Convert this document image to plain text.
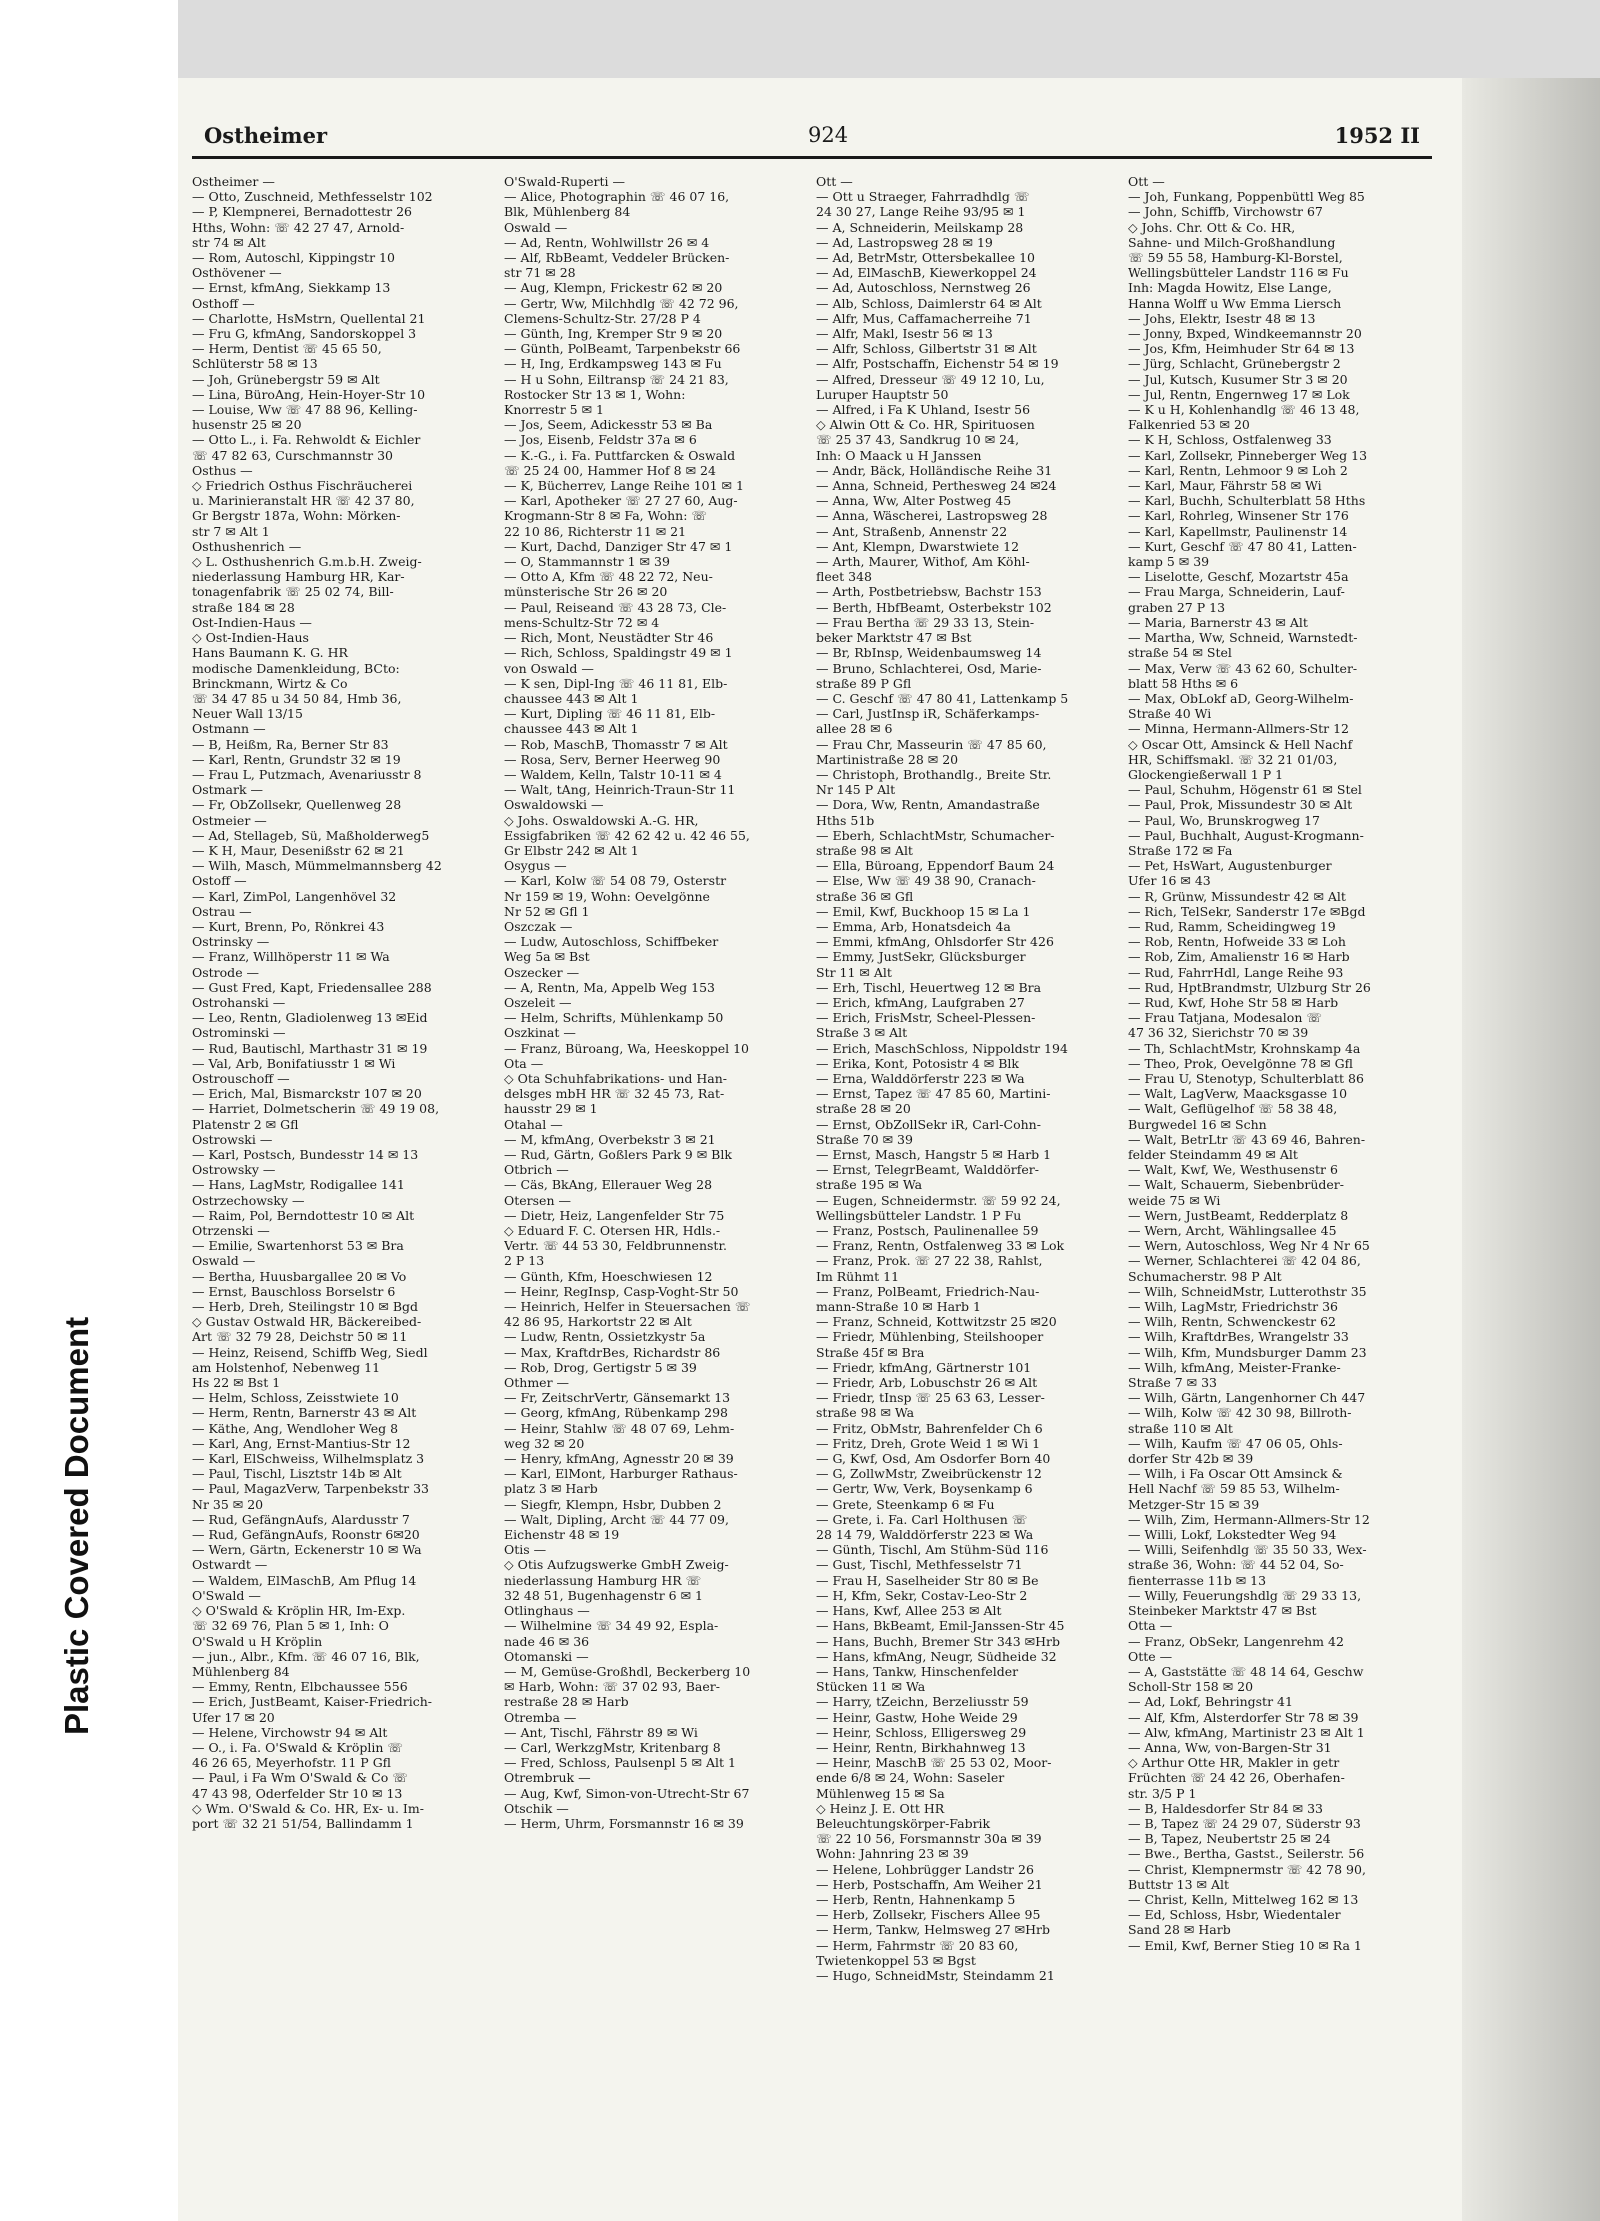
Plastic Covered Document
Ostheimer	924	1952 II
Ostheimer —
— Otto, Zuschneid, Methfesselstr 102
— P, Klempnerei, Bernadottestr 26
Hths, Wohn: ☏ 42 27 47, Arnold-
str 74 ✉ Alt
— Rom, Autoschl, Kippingstr 10
Osthövener —
— Ernst, kfmAng, Siekkamp 13
Osthoff —
— Charlotte, HsMstrn, Quellental 21
— Fru G, kfmAng, Sandorskoppel 3
— Herm, Dentist ☏ 45 65 50,
Schlüterstr 58 ✉ 13
— Joh, Grünebergstr 59 ✉ Alt
— Lina, BüroAng, Hein-Hoyer-Str 10
— Louise, Ww ☏ 47 88 96, Kelling-
husenstr 25 ✉ 20
— Otto L., i. Fa. Rehwoldt & Eichler
☏ 47 82 63, Curschmannstr 30
Osthus —
◇ Friedrich Osthus Fischräucherei
u. Marinieranstalt HR ☏ 42 37 80,
Gr Bergstr 187a, Wohn: Mörken-
str 7 ✉ Alt 1
Osthushenrich —
◇ L. Osthushenrich G.m.b.H. Zweig-
niederlassung Hamburg HR, Kar-
tonagenfabrik ☏ 25 02 74, Bill-
straße 184 ✉ 28
Ost-Indien-Haus —
◇ Ost-Indien-Haus
Hans Baumann K. G. HR
modische Damenkleidung, BCto:
Brinckmann, Wirtz & Co
☏ 34 47 85 u 34 50 84, Hmb 36,
Neuer Wall 13/15
Ostmann —
— B, Heißm, Ra, Berner Str 83
— Karl, Rentn, Grundstr 32 ✉ 19
— Frau L, Putzmach, Avenariusstr 8
Ostmark —
— Fr, ObZollsekr, Quellenweg 28
Ostmeier —
— Ad, Stellageb, Sü, Maßholderweg5
— K H, Maur, Desenißstr 62 ✉ 21
— Wilh, Masch, Mümmelmannsberg 42
Ostoff —
— Karl, ZimPol, Langenhövel 32
Ostrau —
— Kurt, Brenn, Po, Rönkrei 43
Ostrinsky —
— Franz, Willhöperstr 11 ✉ Wa
Ostrode —
— Gust Fred, Kapt, Friedensallee 288
Ostrohanski —
— Leo, Rentn, Gladiolenweg 13 ✉Eid
Ostrominski —
— Rud, Bautischl, Marthastr 31 ✉ 19
— Val, Arb, Bonifatiusstr 1 ✉ Wi
Ostrouschoff —
— Erich, Mal, Bismarckstr 107 ✉ 20
— Harriet, Dolmetscherin ☏ 49 19 08,
Platenstr 2 ✉ Gfl
Ostrowski —
— Karl, Postsch, Bundesstr 14 ✉ 13
Ostrowsky —
— Hans, LagMstr, Rodigallee 141
Ostrzechowsky —
— Raim, Pol, Berndottestr 10 ✉ Alt
Otrzenski —
— Emilie, Swartenhorst 53 ✉ Bra
Oswald —
— Bertha, Huusbargallee 20 ✉ Vo
— Ernst, Bauschloss Borselstr 6
— Herb, Dreh, Steilingstr 10 ✉ Bgd
◇ Gustav Ostwald HR, Bäckereibed-
Art ☏ 32 79 28, Deichstr 50 ✉ 11
— Heinz, Reisend, Schiffb Weg, Siedl
am Holstenhof, Nebenweg 11
Hs 22 ✉ Bst 1
— Helm, Schloss, Zeisstwiete 10
— Herm, Rentn, Barnerstr 43 ✉ Alt
— Käthe, Ang, Wendloher Weg 8
— Karl, Ang, Ernst-Mantius-Str 12
— Karl, ElSchweiss, Wilhelmsplatz 3
— Paul, Tischl, Lisztstr 14b ✉ Alt
— Paul, MagazVerw, Tarpenbekstr 33
Nr 35 ✉ 20
— Rud, GefängnAufs, Alardusstr 7
— Rud, GefängnAufs, Roonstr 6✉20
— Wern, Gärtn, Eckenerstr 10 ✉ Wa
Ostwardt —
— Waldem, ElMaschB, Am Pflug 14
O'Swald —
◇ O'Swald & Kröplin HR, Im-Exp.
☏ 32 69 76, Plan 5 ✉ 1, Inh: O
O'Swald u H Kröplin
— jun., Albr., Kfm. ☏ 46 07 16, Blk,
Mühlenberg 84
— Emmy, Rentn, Elbchaussee 556
— Erich, JustBeamt, Kaiser-Friedrich-
Ufer 17 ✉ 20
— Helene, Virchowstr 94 ✉ Alt
— O., i. Fa. O'Swald & Kröplin ☏
46 26 65, Meyerhofstr. 11 P Gfl
— Paul, i Fa Wm O'Swald & Co ☏
47 43 98, Oderfelder Str 10 ✉ 13
◇ Wm. O'Swald & Co. HR, Ex- u. Im-
port ☏ 32 21 51/54, Ballindamm 1
O'Swald-Ruperti —
— Alice, Photographin ☏ 46 07 16,
Blk, Mühlenberg 84
Oswald —
— Ad, Rentn, Wohlwillstr 26 ✉ 4
— Alf, RbBeamt, Veddeler Brücken-
str 71 ✉ 28
— Aug, Klempn, Frickestr 62 ✉ 20
— Gertr, Ww, Milchhdlg ☏ 42 72 96,
Clemens-Schultz-Str. 27/28 P 4
— Günth, Ing, Kremper Str 9 ✉ 20
— Günth, PolBeamt, Tarpenbekstr 66
— H, Ing, Erdkampsweg 143 ✉ Fu
— H u Sohn, Eiltransp ☏ 24 21 83,
Rostocker Str 13 ✉ 1, Wohn:
Knorrestr 5 ✉ 1
— Jos, Seem, Adickesstr 53 ✉ Ba
— Jos, Eisenb, Feldstr 37a ✉ 6
— K.-G., i. Fa. Puttfarcken & Oswald
☏ 25 24 00, Hammer Hof 8 ✉ 24
— K, Bücherrev, Lange Reihe 101 ✉ 1
— Karl, Apotheker ☏ 27 27 60, Aug-
Krogmann-Str 8 ✉ Fa, Wohn: ☏
22 10 86, Richterstr 11 ✉ 21
— Kurt, Dachd, Danziger Str 47 ✉ 1
— O, Stammannstr 1 ✉ 39
— Otto A, Kfm ☏ 48 22 72, Neu-
münsterische Str 26 ✉ 20
— Paul, Reiseand ☏ 43 28 73, Cle-
mens-Schultz-Str 72 ✉ 4
— Rich, Mont, Neustädter Str 46
— Rich, Schloss, Spaldingstr 49 ✉ 1
von Oswald —
— K sen, Dipl-Ing ☏ 46 11 81, Elb-
chaussee 443 ✉ Alt 1
— Kurt, Dipling ☏ 46 11 81, Elb-
chaussee 443 ✉ Alt 1
— Rob, MaschB, Thomasstr 7 ✉ Alt
— Rosa, Serv, Berner Heerweg 90
— Waldem, Kelln, Talstr 10-11 ✉ 4
— Walt, tAng, Heinrich-Traun-Str 11
Oswaldowski —
◇ Johs. Oswaldowski A.-G. HR,
Essigfabriken ☏ 42 62 42 u. 42 46 55,
Gr Elbstr 242 ✉ Alt 1
Osygus —
— Karl, Kolw ☏ 54 08 79, Osterstr
Nr 159 ✉ 19, Wohn: Oevelgönne
Nr 52 ✉ Gfl 1
Oszczak —
— Ludw, Autoschloss, Schiffbeker
Weg 5a ✉ Bst
Oszecker —
— A, Rentn, Ma, Appelb Weg 153
Oszeleit —
— Helm, Schrifts, Mühlenkamp 50
Oszkinat —
— Franz, Büroang, Wa, Heeskoppel 10
Ota —
◇ Ota Schuhfabrikations- und Han-
delsges mbH HR ☏ 32 45 73, Rat-
hausstr 29 ✉ 1
Otahal —
— M, kfmAng, Overbekstr 3 ✉ 21
— Rud, Gärtn, Goßlers Park 9 ✉ Blk
Otbrich —
— Cäs, BkAng, Ellerauer Weg 28
Otersen —
— Dietr, Heiz, Langenfelder Str 75
◇ Eduard F. C. Otersen HR, Hdls.-
Vertr. ☏ 44 53 30, Feldbrunnenstr.
2 P 13
— Günth, Kfm, Hoeschwiesen 12
— Heinr, RegInsp, Casp-Voght-Str 50
— Heinrich, Helfer in Steuersachen ☏
42 86 95, Harkortstr 22 ✉ Alt
— Ludw, Rentn, Ossietzkystr 5a
— Max, KraftdrBes, Richardstr 86
— Rob, Drog, Gertigstr 5 ✉ 39
Othmer —
— Fr, ZeitschrVertr, Gänsemarkt 13
— Georg, kfmAng, Rübenkamp 298
— Heinr, Stahlw ☏ 48 07 69, Lehm-
weg 32 ✉ 20
— Henry, kfmAng, Agnesstr 20 ✉ 39
— Karl, ElMont, Harburger Rathaus-
platz 3 ✉ Harb
— Siegfr, Klempn, Hsbr, Dubben 2
— Walt, Dipling, Archt ☏ 44 77 09,
Eichenstr 48 ✉ 19
Otis —
◇ Otis Aufzugswerke GmbH Zweig-
niederlassung Hamburg HR ☏
32 48 51, Bugenhagenstr 6 ✉ 1
Otlinghaus —
— Wilhelmine ☏ 34 49 92, Espla-
nade 46 ✉ 36
Otomanski —
— M, Gemüse-Großhdl, Beckerberg 10
✉ Harb, Wohn: ☏ 37 02 93, Baer-
restraße 28 ✉ Harb
Otremba —
— Ant, Tischl, Fährstr 89 ✉ Wi
— Carl, WerkzgMstr, Kritenbarg 8
— Fred, Schloss, Paulsenpl 5 ✉ Alt 1
Otrembruk —
— Aug, Kwf, Simon-von-Utrecht-Str 67
Otschik —
— Herm, Uhrm, Forsmannstr 16 ✉ 39
Ott —
— Ott u Straeger, Fahrradhdlg ☏
24 30 27, Lange Reihe 93/95 ✉ 1
— A, Schneiderin, Meilskamp 28
— Ad, Lastropsweg 28 ✉ 19
— Ad, BetrMstr, Ottersbekallee 10
— Ad, ElMaschB, Kiewerkoppel 24
— Ad, Autoschloss, Nernstweg 26
— Alb, Schloss, Daimlerstr 64 ✉ Alt
— Alfr, Mus, Caffamacherreihe 71
— Alfr, Makl, Isestr 56 ✉ 13
— Alfr, Schloss, Gilbertstr 31 ✉ Alt
— Alfr, Postschaffn, Eichenstr 54 ✉ 19
— Alfred, Dresseur ☏ 49 12 10, Lu,
Luruper Hauptstr 50
— Alfred, i Fa K Uhland, Isestr 56
◇ Alwin Ott & Co. HR, Spirituosen
☏ 25 37 43, Sandkrug 10 ✉ 24,
Inh: O Maack u H Janssen
— Andr, Bäck, Holländische Reihe 31
— Anna, Schneid, Perthesweg 24 ✉24
— Anna, Ww, Alter Postweg 45
— Anna, Wäscherei, Lastropsweg 28
— Ant, Straßenb, Annenstr 22
— Ant, Klempn, Dwarstwiete 12
— Arth, Maurer, Withof, Am Köhl-
fleet 348
— Arth, Postbetriebsw, Bachstr 153
— Berth, HbfBeamt, Osterbekstr 102
— Frau Bertha ☏ 29 33 13, Stein-
beker Marktstr 47 ✉ Bst
— Br, RbInsp, Weidenbaumsweg 14
— Bruno, Schlachterei, Osd, Marie-
straße 89 P Gfl
— C. Geschf ☏ 47 80 41, Lattenkamp 5
— Carl, JustInsp iR, Schäferkamps-
allee 28 ✉ 6
— Frau Chr, Masseurin ☏ 47 85 60,
Martinistraße 28 ✉ 20
— Christoph, Brothandlg., Breite Str.
Nr 145 P Alt
— Dora, Ww, Rentn, Amandastraße
Hths 51b
— Eberh, SchlachtMstr, Schumacher-
straße 98 ✉ Alt
— Ella, Büroang, Eppendorf Baum 24
— Else, Ww ☏ 49 38 90, Cranach-
straße 36 ✉ Gfl
— Emil, Kwf, Buckhoop 15 ✉ La 1
— Emma, Arb, Honatsdeich 4a
— Emmi, kfmAng, Ohlsdorfer Str 426
— Emmy, JustSekr, Glücksburger
Str 11 ✉ Alt
— Erh, Tischl, Heuertweg 12 ✉ Bra
— Erich, kfmAng, Laufgraben 27
— Erich, FrisMstr, Scheel-Plessen-
Straße 3 ✉ Alt
— Erich, MaschSchloss, Nippoldstr 194
— Erika, Kont, Potosistr 4 ✉ Blk
— Erna, Walddörferstr 223 ✉ Wa
— Ernst, Tapez ☏ 47 85 60, Martini-
straße 28 ✉ 20
— Ernst, ObZollSekr iR, Carl-Cohn-
Straße 70 ✉ 39
— Ernst, Masch, Hangstr 5 ✉ Harb 1
— Ernst, TelegrBeamt, Walddörfer-
straße 195 ✉ Wa
— Eugen, Schneidermstr. ☏ 59 92 24,
Wellingsbütteler Landstr. 1 P Fu
— Franz, Postsch, Paulinenallee 59
— Franz, Rentn, Ostfalenweg 33 ✉ Lok
— Franz, Prok. ☏ 27 22 38, Rahlst,
Im Rühmt 11
— Franz, PolBeamt, Friedrich-Nau-
mann-Straße 10 ✉ Harb 1
— Franz, Schneid, Kottwitzstr 25 ✉20
— Friedr, Mühlenbing, Steilshooper
Straße 45f ✉ Bra
— Friedr, kfmAng, Gärtnerstr 101
— Friedr, Arb, Lobuschstr 26 ✉ Alt
— Friedr, tInsp ☏ 25 63 63, Lesser-
straße 98 ✉ Wa
— Fritz, ObMstr, Bahrenfelder Ch 6
— Fritz, Dreh, Grote Weid 1 ✉ Wi 1
— G, Kwf, Osd, Am Osdorfer Born 40
— G, ZollwMstr, Zweibrückenstr 12
— Gertr, Ww, Verk, Boysenkamp 6
— Grete, Steenkamp 6 ✉ Fu
— Grete, i. Fa. Carl Holthusen ☏
28 14 79, Walddörferstr 223 ✉ Wa
— Günth, Tischl, Am Stühm-Süd 116
— Gust, Tischl, Methfesselstr 71
— Frau H, Saselheider Str 80 ✉ Be
— H, Kfm, Sekr, Costav-Leo-Str 2
— Hans, Kwf, Allee 253 ✉ Alt
— Hans, BkBeamt, Emil-Janssen-Str 45
— Hans, Buchh, Bremer Str 343 ✉Hrb
— Hans, kfmAng, Neugr, Südheide 32
— Hans, Tankw, Hinschenfelder
Stücken 11 ✉ Wa
— Harry, tZeichn, Berzeliusstr 59
— Heinr, Gastw, Hohe Weide 29
— Heinr, Schloss, Elligersweg 29
— Heinr, Rentn, Birkhahnweg 13
— Heinr, MaschB ☏ 25 53 02, Moor-
ende 6/8 ✉ 24, Wohn: Saseler
Mühlenweg 15 ✉ Sa
◇ Heinz J. E. Ott HR
Beleuchtungskörper-Fabrik
☏ 22 10 56, Forsmannstr 30a ✉ 39
Wohn: Jahnring 23 ✉ 39
— Helene, Lohbrügger Landstr 26
— Herb, Postschaffn, Am Weiher 21
— Herb, Rentn, Hahnenkamp 5
— Herb, Zollsekr, Fischers Allee 95
— Herm, Tankw, Helmsweg 27 ✉Hrb
— Herm, Fahrmstr ☏ 20 83 60,
Twietenkoppel 53 ✉ Bgst
— Hugo, SchneidMstr, Steindamm 21
Ott —
— Joh, Funkang, Poppenbüttl Weg 85
— John, Schiffb, Virchowstr 67
◇ Johs. Chr. Ott & Co. HR,
Sahne- und Milch-Großhandlung
☏ 59 55 58, Hamburg-Kl-Borstel,
Wellingsbütteler Landstr 116 ✉ Fu
Inh: Magda Howitz, Else Lange,
Hanna Wolff u Ww Emma Liersch
— Johs, Elektr, Isestr 48 ✉ 13
— Jonny, Bxped, Windkeemannstr 20
— Jos, Kfm, Heimhuder Str 64 ✉ 13
— Jürg, Schlacht, Grünebergstr 2
— Jul, Kutsch, Kusumer Str 3 ✉ 20
— Jul, Rentn, Engernweg 17 ✉ Lok
— K u H, Kohlenhandlg ☏ 46 13 48,
Falkenried 53 ✉ 20
— K H, Schloss, Ostfalenweg 33
— Karl, Zollsekr, Pinneberger Weg 13
— Karl, Rentn, Lehmoor 9 ✉ Loh 2
— Karl, Maur, Fährstr 58 ✉ Wi
— Karl, Buchh, Schulterblatt 58 Hths
— Karl, Rohrleg, Winsener Str 176
— Karl, Kapellmstr, Paulinenstr 14
— Kurt, Geschf ☏ 47 80 41, Latten-
kamp 5 ✉ 39
— Liselotte, Geschf, Mozartstr 45a
— Frau Marga, Schneiderin, Lauf-
graben 27 P 13
— Maria, Barnerstr 43 ✉ Alt
— Martha, Ww, Schneid, Warnstedt-
straße 54 ✉ Stel
— Max, Verw ☏ 43 62 60, Schulter-
blatt 58 Hths ✉ 6
— Max, ObLokf aD, Georg-Wilhelm-
Straße 40 Wi
— Minna, Hermann-Allmers-Str 12
◇ Oscar Ott, Amsinck & Hell Nachf
HR, Schiffsmakl. ☏ 32 21 01/03,
Glockengießerwall 1 P 1
— Paul, Schuhm, Högenstr 61 ✉ Stel
— Paul, Prok, Missundestr 30 ✉ Alt
— Paul, Wo, Brunskrogweg 17
— Paul, Buchhalt, August-Krogmann-
Straße 172 ✉ Fa
— Pet, HsWart, Augustenburger
Ufer 16 ✉ 43
— R, Grünw, Missundestr 42 ✉ Alt
— Rich, TelSekr, Sanderstr 17e ✉Bgd
— Rud, Ramm, Scheidingweg 19
— Rob, Rentn, Hofweide 33 ✉ Loh
— Rob, Zim, Amalienstr 16 ✉ Harb
— Rud, FahrrHdl, Lange Reihe 93
— Rud, HptBrandmstr, Ulzburg Str 26
— Rud, Kwf, Hohe Str 58 ✉ Harb
— Frau Tatjana, Modesalon ☏
47 36 32, Sierichstr 70 ✉ 39
— Th, SchlachtMstr, Krohnskamp 4a
— Theo, Prok, Oevelgönne 78 ✉ Gfl
— Frau U, Stenotyp, Schulterblatt 86
— Walt, LagVerw, Maacksgasse 10
— Walt, Geflügelhof ☏ 58 38 48,
Burgwedel 16 ✉ Schn
— Walt, BetrLtr ☏ 43 69 46, Bahren-
felder Steindamm 49 ✉ Alt
— Walt, Kwf, We, Westhusenstr 6
— Walt, Schauerm, Siebenbrüder-
weide 75 ✉ Wi
— Wern, JustBeamt, Redderplatz 8
— Wern, Archt, Wählingsallee 45
— Wern, Autoschloss, Weg Nr 4 Nr 65
— Werner, Schlachterei ☏ 42 04 86,
Schumacherstr. 98 P Alt
— Wilh, SchneidMstr, Lutterothstr 35
— Wilh, LagMstr, Friedrichstr 36
— Wilh, Rentn, Schwenckestr 62
— Wilh, KraftdrBes, Wrangelstr 33
— Wilh, Kfm, Mundsburger Damm 23
— Wilh, kfmAng, Meister-Franke-
Straße 7 ✉ 33
— Wilh, Gärtn, Langenhorner Ch 447
— Wilh, Kolw ☏ 42 30 98, Billroth-
straße 110 ✉ Alt
— Wilh, Kaufm ☏ 47 06 05, Ohls-
dorfer Str 42b ✉ 39
— Wilh, i Fa Oscar Ott Amsinck &
Hell Nachf ☏ 59 85 53, Wilhelm-
Metzger-Str 15 ✉ 39
— Wilh, Zim, Hermann-Allmers-Str 12
— Willi, Lokf, Lokstedter Weg 94
— Willi, Seifenhdlg ☏ 35 50 33, Wex-
straße 36, Wohn: ☏ 44 52 04, So-
fienterrasse 11b ✉ 13
— Willy, Feuerungshdlg ☏ 29 33 13,
Steinbeker Marktstr 47 ✉ Bst
Otta —
— Franz, ObSekr, Langenrehm 42
Otte —
— A, Gaststätte ☏ 48 14 64, Geschw
Scholl-Str 158 ✉ 20
— Ad, Lokf, Behringstr 41
— Alf, Kfm, Alsterdorfer Str 78 ✉ 39
— Alw, kfmAng, Martinistr 23 ✉ Alt 1
— Anna, Ww, von-Bargen-Str 31
◇ Arthur Otte HR, Makler in getr
Früchten ☏ 24 42 26, Oberhafen-
str. 3/5 P 1
— B, Haldesdorfer Str 84 ✉ 33
— B, Tapez ☏ 24 29 07, Süderstr 93
— B, Tapez, Neubertstr 25 ✉ 24
— Bwe., Bertha, Gastst., Seilerstr. 56
— Christ, Klempnermstr ☏ 42 78 90,
Buttstr 13 ✉ Alt
— Christ, Kelln, Mittelweg 162 ✉ 13
— Ed, Schloss, Hsbr, Wiedentaler
Sand 28 ✉ Harb
— Emil, Kwf, Berner Stieg 10 ✉ Ra 1
